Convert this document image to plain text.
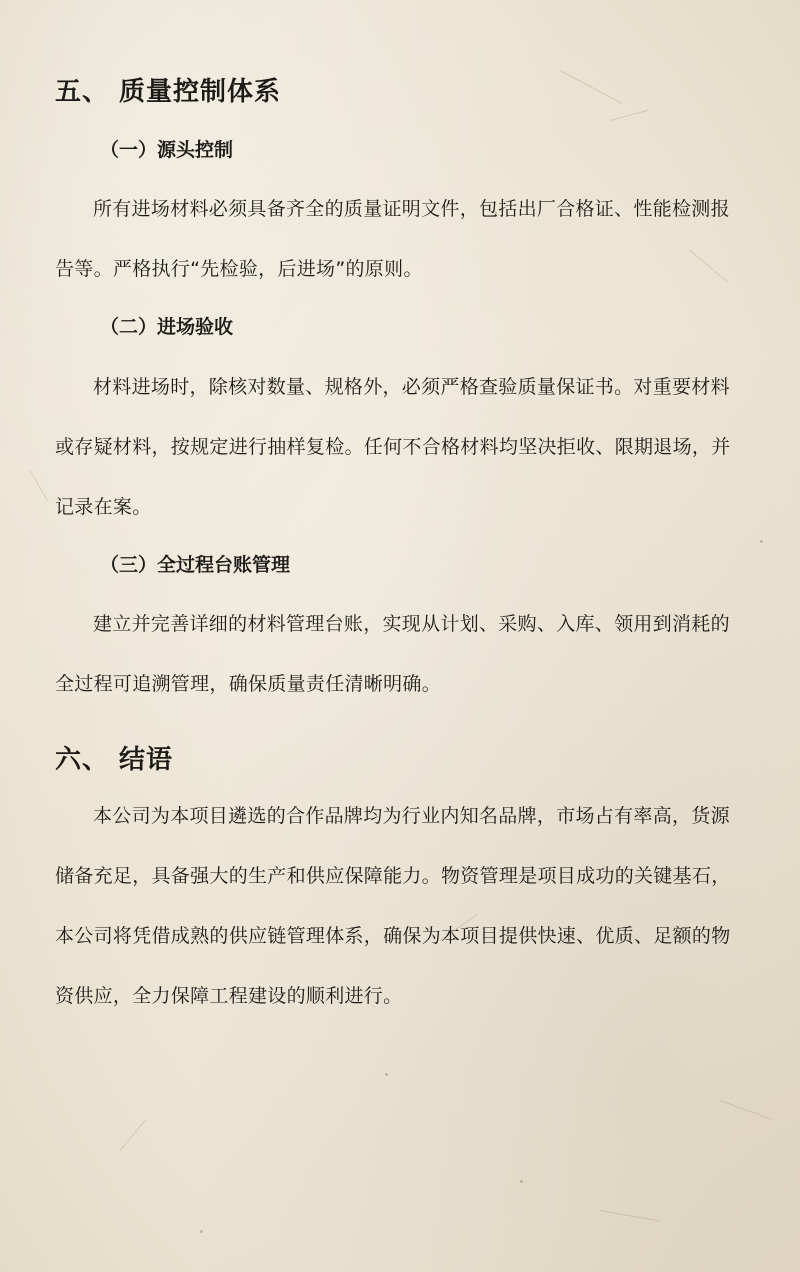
五、 质量控制体系
（一）源头控制

所有进场材料必须具备齐全的质量证明文件，包括出厂合格证、性能检测报告等。严格执行“先检验，后进场”的原则。

（二）进场验收

材料进场时，除核对数量、规格外，必须严格查验质量保证书。对重要材料或存疑材料，按规定进行抽样复检。任何不合格材料均坚决拒收、限期退场，并记录在案。

（三）全过程台账管理

建立并完善详细的材料管理台账，实现从计划、采购、入库、领用到消耗的全过程可追溯管理，确保质量责任清晰明确。

六、 结语

本公司为本项目遴选的合作品牌均为行业内知名品牌，市场占有率高，货源储备充足，具备强大的生产和供应保障能力。物资管理是项目成功的关键基石，本公司将凭借成熟的供应链管理体系，确保为本项目提供快速、优质、足额的物资供应，全力保障工程建设的顺利进行。
